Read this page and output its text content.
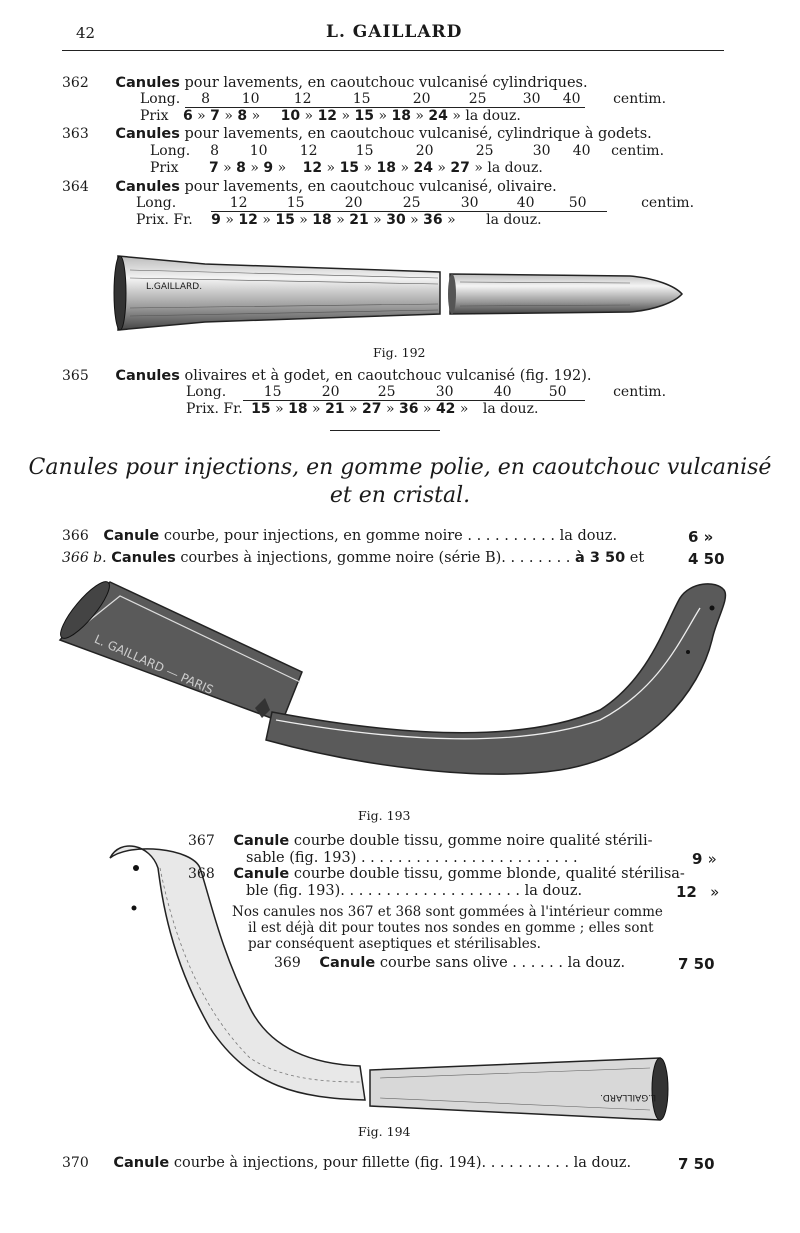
42	L. GAILLARD
362 Canules pour lavements, en caoutchouc vulcanisé cylindriques.
Long. 8 10 12	15	20	25	30 40 centim.
Prix 6 » 7 » 8 » 10 » 12 » 15 » 18 » 24 » la douz.
363 Canules pour lavements, en caoutchouc vulcanisé, cylindrique à godets.
Long. 8 10 12	15	20	25	30 40 centim.
Prix 7 » 8 » 9 » 12 » 15 » 18 » 24 » 27 » la douz.
364 Canules pour lavements, en caoutchouc vulcanisé, olivaire.
Long.	12	15	20	25	30	40 50	centim.
Prix. Fr. 9 » 12 » 15 » 18 » 21 » 30 » 36 » la douz.
L.GAILLARD.
Fig. 192
365 Canules olivaires et à godet, en caoutchouc vulcanisé (fig. 192).
Long.	15	20	25	30	40	50	centim.
Prix. Fr. 15 » 18 » 21 » 27 » 36 » 42 » la douz.
Canules pour injections, en gomme polie, en caoutchouc vulcanisé
et en cristal.
366 Canule courbe, pour injections, en gomme noire . . . . . . . . . . la douz.	6 »
366 b. Canules courbes à injections, gomme noire (série B). . . . . . . . à 3 50 et	4 50
L. GAILLARD — PARIS
Fig. 193
L.GAILLARD.
Fig. 194
367 Canule courbe double tissu, gomme noire qualité stérili-
sable (fig. 193) . . . . . . . . . . . . . . . . . . . . . . . .	9 »
368 Canule courbe double tissu, gomme blonde, qualité stérilisa-
ble (fig. 193). . . . . . . . . . . . . . . . . . . . la douz.	12 »
Nos canules nos 367 et 368 sont gommées à l'intérieur comme
il est déjà dit pour toutes nos sondes en gomme ; elles sont
par conséquent aseptiques et stérilisables.
369 Canule courbe sans olive . . . . . . la douz.	7 50
370 Canule courbe à injections, pour fillette (fig. 194). . . . . . . . . . la douz.	7 50
